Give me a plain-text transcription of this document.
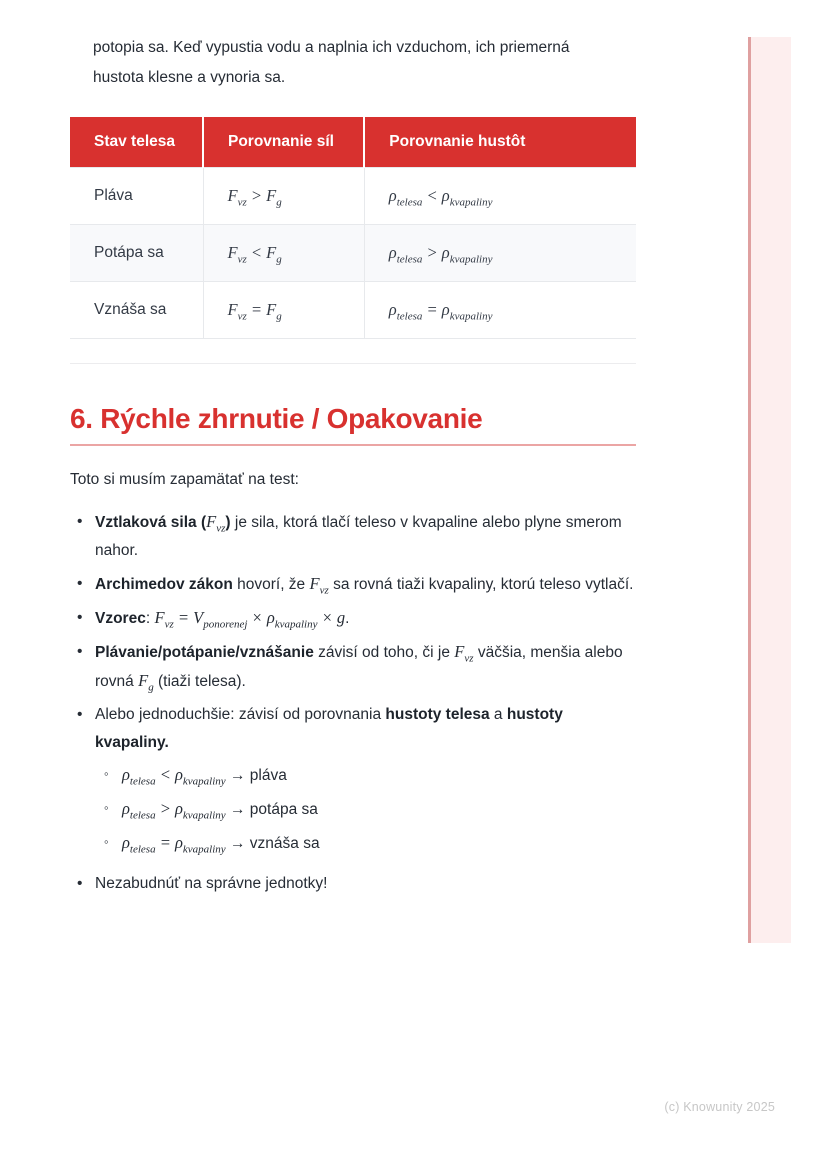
potopia sa. Keď vypustia vodu a naplnia ich vzduchom, ich priemerná hustota klesne a vynoria sa.

Stav telesa	Porovnanie síl	Porovnanie hustôt
Pláva	$F_{vz} > F_g$	$\rho_{telesa} < \rho_{kvapaliny}$
Potápa sa	$F_{vz} < F_g$	$\rho_{telesa} > \rho_{kvapaliny}$
Vznáša sa	$F_{vz} = F_g$	$\rho_{telesa} = \rho_{kvapaliny}$
6. Rýchle zhrnutie / Opakovanie

Toto si musím zapamätať na test:

• Vztlaková sila $(F_{vz})$ je sila, ktorá tlačí teleso v kvapaline alebo plyne smerom nahor.
• Archimedov zákon hovorí, že $F_{vz}$ sa rovná tiaži kvapaliny, ktorú teleso vytlačí.
• Vzorec: $F_{vz} = V_{ponorenej} \times \rho_{kvapaliny} \times g$.
• Plávanie/potápanie/vznášanie závisí od toho, či je $F_{vz}$ väčšia, menšia alebo rovná $F_g$ (tiaži telesa).
• Alebo jednoduchšie: závisí od porovnania hustoty telesa a hustoty kvapaliny.
◦ $\rho_{telesa} < \rho_{kvapaliny}$ → pláva
◦ $\rho_{telesa} > \rho_{kvapaliny}$ → potápa sa
◦ $\rho_{telesa} = \rho_{kvapaliny}$ → vznáša sa
• Nezabudnúť na správne jednotky!
(c) Knowunity 2025
